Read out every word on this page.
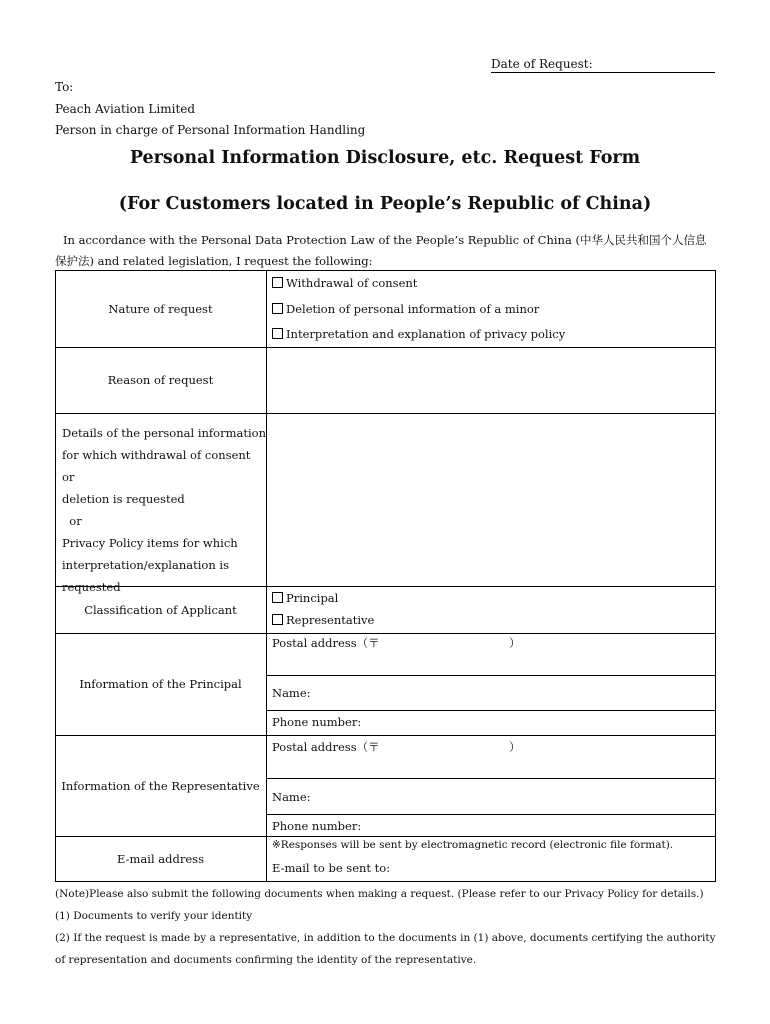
Date of Request:
To:
Peach Aviation Limited
Person in charge of Personal Information Handling
Personal Information Disclosure, etc. Request Form
(For Customers located in People’s Republic of China)
In accordance with the Personal Data Protection Law of the People’s Republic of China (中华人民共和国个人信息保护法) and related legislation, I request the following:
Nature of request
Withdrawal of consent
Deletion of personal information of a minor
Interpretation and explanation of privacy policy
Reason of request
Details of the personal information
for which withdrawal of consent or
deletion is requested
or
Privacy Policy items for which
interpretation/explanation is
requested
Classification of Applicant
Principal
Representative
Information of the Principal
Postal address（〒	）
Name:
Phone number:
Information of the Representative
Postal address（〒	）
Name:
Phone number:
E-mail address
※Responses will be sent by electromagnetic record (electronic file format).
E-mail to be sent to:
(Note)Please also submit the following documents when making a request. (Please refer to our Privacy Policy for details.)
(1) Documents to verify your identity
(2) If the request is made by a representative, in addition to the documents in (1) above, documents certifying the authority of representation and documents confirming the identity of the representative.
